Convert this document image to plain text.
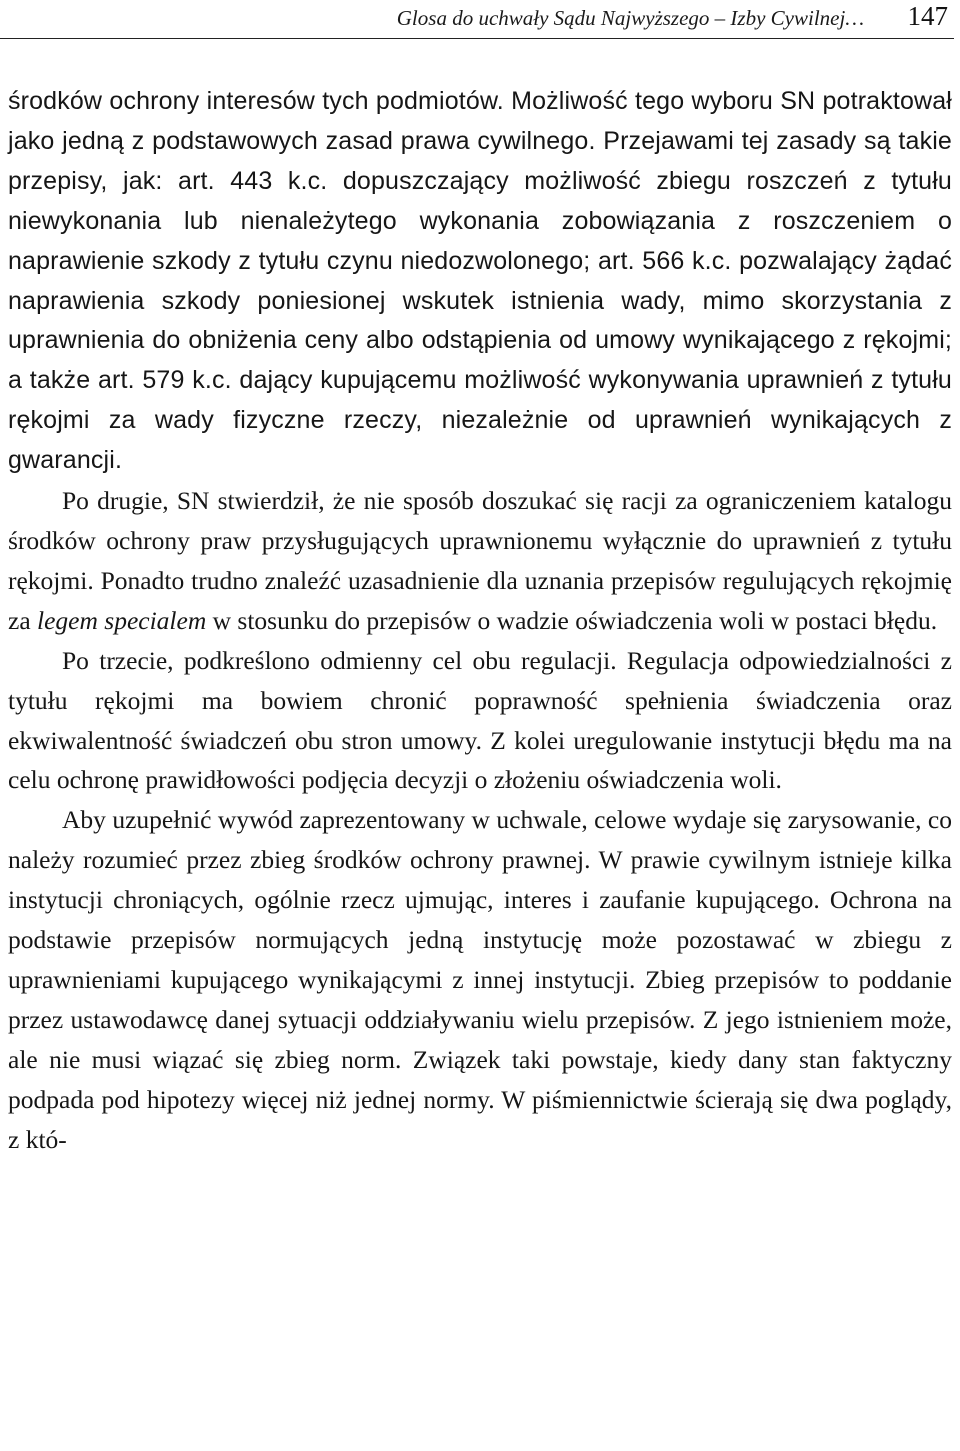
Glosa do uchwały Sądu Najwyższego – Izby Cywilnej… 147

środków ochrony interesów tych podmiotów. Możliwość tego wyboru SN potraktował jako jedną z podstawowych zasad prawa cywilnego. Przejawami tej zasady są takie przepisy, jak: art. 443 k.c. dopuszczający możliwość zbiegu roszczeń z tytułu niewykonania lub nienależytego wykonania zobowiązania z roszczeniem o naprawienie szkody z tytułu czynu niedozwolonego; art. 566 k.c. pozwalający żądać naprawienia szkody poniesionej wskutek istnienia wady, mimo skorzystania z uprawnienia do obniżenia ceny albo odstąpienia od umowy wynikającego z rękojmi; a także art. 579 k.c. dający kupującemu możliwość wykonywania uprawnień z tytułu rękojmi za wady fizyczne rzeczy, niezależnie od uprawnień wynikających z gwarancji.

Po drugie, SN stwierdził, że nie sposób doszukać się racji za ograniczeniem katalogu środków ochrony praw przysługujących uprawnionemu wyłącznie do uprawnień z tytułu rękojmi. Ponadto trudno znaleźć uzasadnienie dla uznania przepisów regulujących rękojmię za legem specialem w stosunku do przepisów o wadzie oświadczenia woli w postaci błędu.

Po trzecie, podkreślono odmienny cel obu regulacji. Regulacja odpowiedzialności z tytułu rękojmi ma bowiem chronić poprawność spełnienia świadczenia oraz ekwiwalentność świadczeń obu stron umowy. Z kolei uregulowanie instytucji błędu ma na celu ochronę prawidłowości podjęcia decyzji o złożeniu oświadczenia woli.

Aby uzupełnić wywód zaprezentowany w uchwale, celowe wydaje się zarysowanie, co należy rozumieć przez zbieg środków ochrony prawnej. W prawie cywilnym istnieje kilka instytucji chroniących, ogólnie rzecz ujmując, interes i zaufanie kupującego. Ochrona na podstawie przepisów normujących jedną instytucję może pozostawać w zbiegu z uprawnieniami kupującego wynikającymi z innej instytucji. Zbieg przepisów to poddanie przez ustawodawcę danej sytuacji oddziaływaniu wielu przepisów. Z jego istnieniem może, ale nie musi wiązać się zbieg norm. Związek taki powstaje, kiedy dany stan faktyczny podpada pod hipotezy więcej niż jednej normy. W piśmiennictwie ścierają się dwa poglądy, z któ-
